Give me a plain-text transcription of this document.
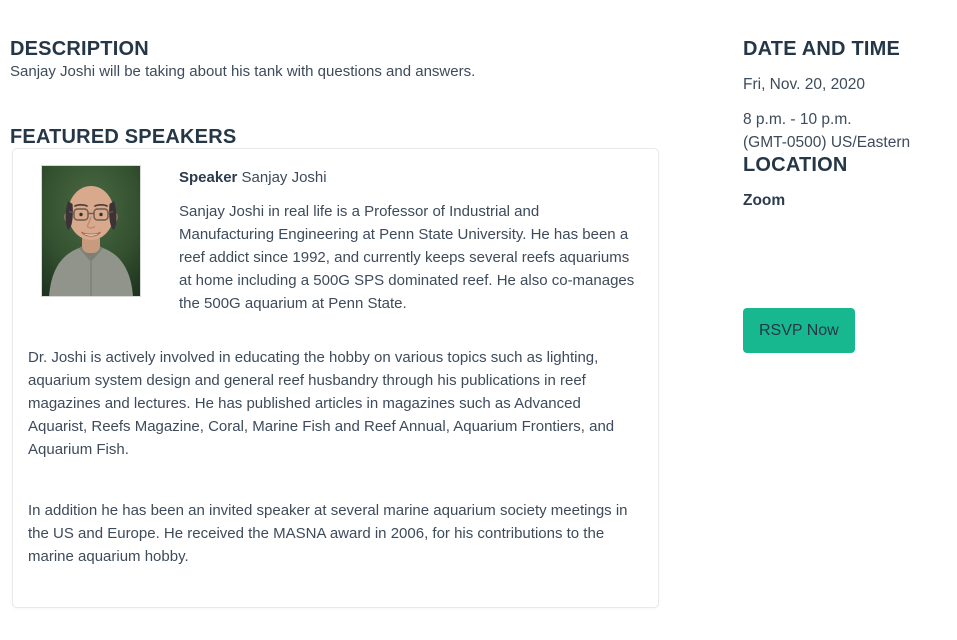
DESCRIPTION

Sanjay Joshi will be taking about his tank with questions and answers.

FEATURED SPEAKERS

Speaker Sanjay Joshi

Sanjay Joshi in real life is a Professor of Industrial and Manufacturing Engineering at Penn State University. He has been a reef addict since 1992, and currently keeps several reefs aquariums at home including a 500G SPS dominated reef. He also co-manages the 500G aquarium at Penn State.

Dr. Joshi is actively involved in educating the hobby on various topics such as lighting, aquarium system design and general reef husbandry through his publications in reef magazines and lectures. He has published articles in magazines such as Advanced Aquarist, Reefs Magazine, Coral, Marine Fish and Reef Annual, Aquarium Frontiers, and Aquarium Fish.

In addition he has been an invited speaker at several marine aquarium society meetings in the US and Europe. He received the MASNA award in 2006, for his contributions to the marine aquarium hobby.

DATE AND TIME

Fri, Nov. 20, 2020

8 p.m. - 10 p.m.
(GMT-0500) US/Eastern

LOCATION

Zoom

RSVP Now
